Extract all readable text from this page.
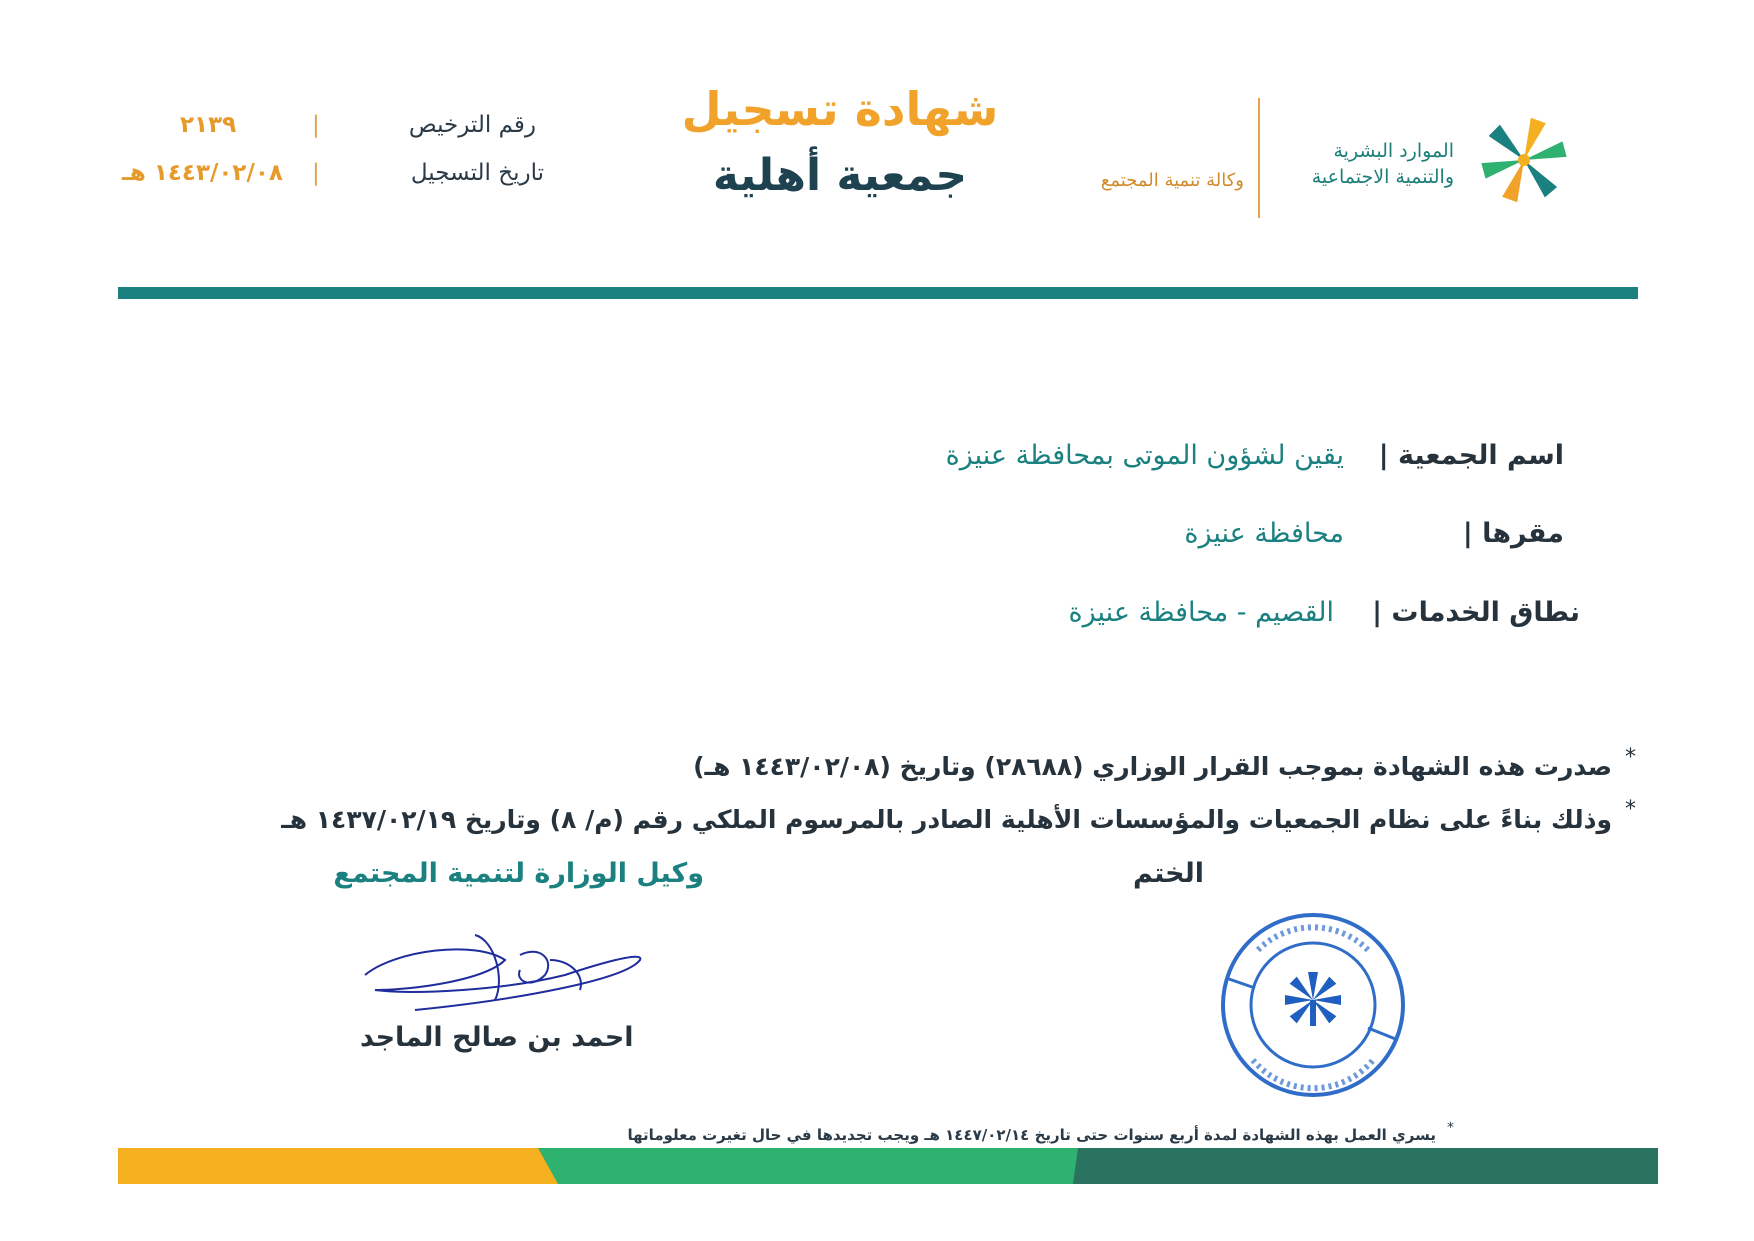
الموارد البشرية
والتنمية الاجتماعية
وكالة تنمية المجتمع
شهادة تسجيل
جمعية أهلية
رقم الترخيص
|
٢١٣٩
تاريخ التسجيل
|
١٤٤٣/٠٢/٠٨ هـ
اسم الجمعية |
يقين لشؤون الموتى بمحافظة عنيزة
مقرها |
محافظة عنيزة
نطاق الخدمات |
القصيم - محافظة عنيزة
*
صدرت هذه الشهادة بموجب القرار الوزاري (٢٨٦٨٨) وتاريخ (١٤٤٣/٠٢/٠٨ هـ)
*
وذلك بناءً على نظام الجمعيات والمؤسسات الأهلية الصادر بالمرسوم الملكي رقم (م/ ٨) وتاريخ ١٤٣٧/٠٢/١٩ هـ
الختم
وكيل الوزارة لتنمية المجتمع
احمد بن صالح الماجد
*
يسري العمل بهذه الشهادة لمدة أربع سنوات حتى تاريخ ١٤٤٧/٠٢/١٤ هـ ويجب تجديدها في حال تغيرت معلوماتها
